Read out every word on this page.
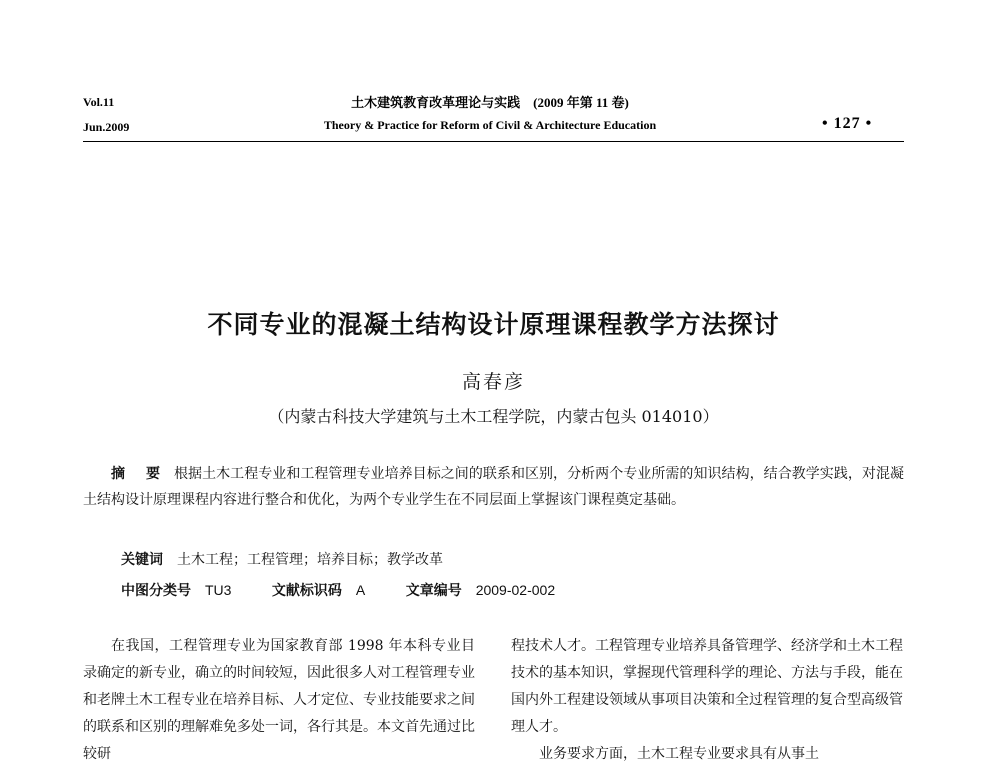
Vol.11
Jun.2009
土木建筑教育改革理论与实践　(2009 年第 11 卷)
Theory & Practice for Reform of Civil & Architecture Education	• 127 •
不同专业的混凝土结构设计原理课程教学方法探讨
高春彦
（内蒙古科技大学建筑与土木工程学院，内蒙古包头 014010）
摘 要 根据土木工程专业和工程管理专业培养目标之间的联系和区别，分析两个专业所需的知识结构，结合教学实践，对混凝土结构设计原理课程内容进行整合和优化，为两个专业学生在不同层面上掌握该门课程奠定基础。
关键词 土木工程；工程管理；培养目标；教学改革
中图分类号 TU3	文献标识码 A	文章编号 2009-02-002
在我国，工程管理专业为国家教育部 1998 年本科专业目录确定的新专业，确立的时间较短，因此很多人对工程管理专业和老牌土木工程专业在培养目标、人才定位、专业技能要求之间的联系和区别的理解难免多处一词，各行其是。本文首先通过比较研
程技术人才。工程管理专业培养具备管理学、经济学和土木工程技术的基本知识，掌握现代管理科学的理论、方法与手段，能在国内外工程建设领域从事项目决策和全过程管理的复合型高级管理人才。
业务要求方面，土木工程专业要求具有从事土
